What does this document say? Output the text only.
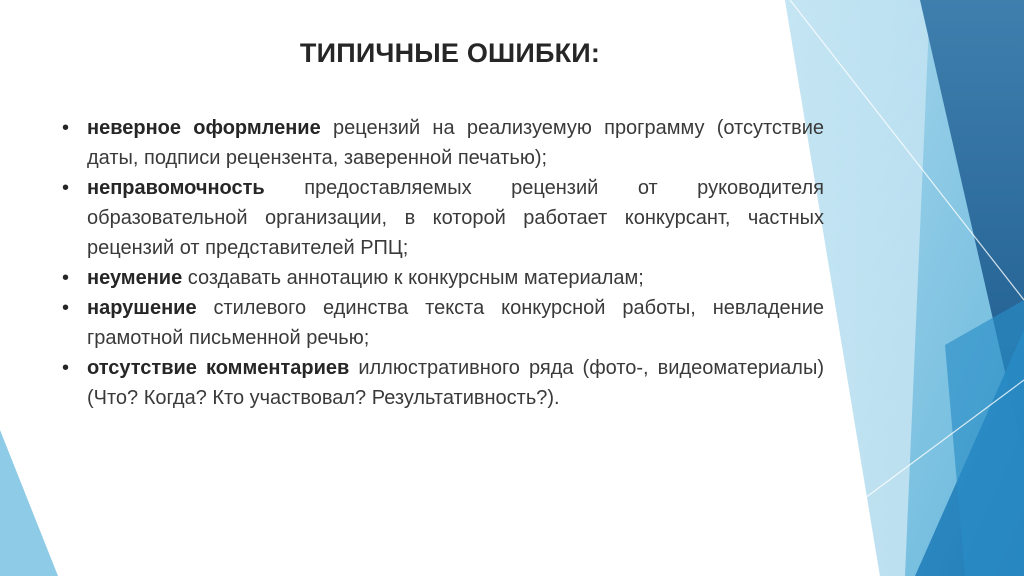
ТИПИЧНЫЕ ОШИБКИ:

• неверное оформление рецензий на реализуемую программу (отсутствие даты, подписи рецензента, заверенной печатью);

• неправомочность предоставляемых рецензий от руководителя образовательной организации, в которой работает конкурсант, частных рецензий от представителей РПЦ;

• неумение создавать аннотацию к конкурсным материалам;

• нарушение стилевого единства текста конкурсной работы, невладение грамотной письменной речью;

• отсутствие комментариев иллюстративного ряда (фото-, видеоматериалы) (Что? Когда? Кто участвовал? Результативность?).
